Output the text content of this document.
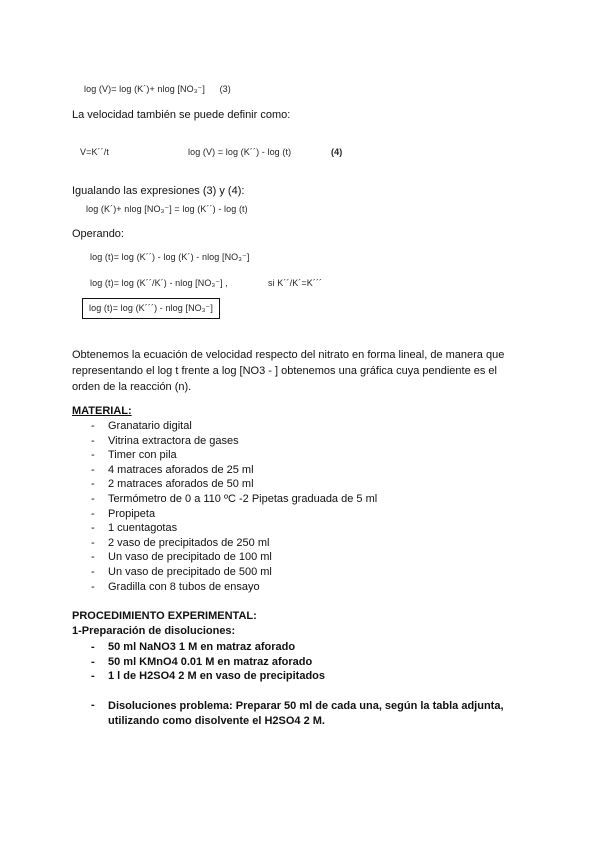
log (V)= log (K´)+ nlog [NO₃⁻] (3)
La velocidad también se puede definir como:
V=K´´/t	log (V) = log (K´´) - log (t)	(4)
Igualando las expresiones (3) y (4):
log (K´)+ nlog [NO₃⁻] = log (K´´) - log (t)
Operando:
log (t)= log (K´´) - log (K´) - nlog [NO₃⁻]
log (t)= log (K´´/K´) - nlog [NO₃⁻] ,	si K´´/K´=K´´´
log (t)= log (K´´´) - nlog [NO₃⁻]
Obtenemos la ecuación de velocidad respecto del nitrato en forma lineal, de manera que representando el log t frente a log [NO3 - ] obtenemos una gráfica cuya pendiente es el orden de la reacción (n).
MATERIAL:
- Granatario digital
- Vitrina extractora de gases
- Timer con pila
- 4 matraces aforados de 25 ml
- 2 matraces aforados de 50 ml
- Termómetro de 0 a 110 ºC -2 Pipetas graduada de 5 ml
- Propipeta
- 1 cuentagotas
- 2 vaso de precipitados de 250 ml
- Un vaso de precipitado de 100 ml
- Un vaso de precipitado de 500 ml
- Gradilla con 8 tubos de ensayo
PROCEDIMIENTO EXPERIMENTAL:
1-Preparación de disoluciones:
- 50 ml NaNO3 1 M en matraz aforado
- 50 ml KMnO4 0.01 M en matraz aforado
- 1 l de H2SO4 2 M en vaso de precipitados
- Disoluciones problema: Preparar 50 ml de cada una, según la tabla adjunta,
utilizando como disolvente el H2SO4 2 M.
